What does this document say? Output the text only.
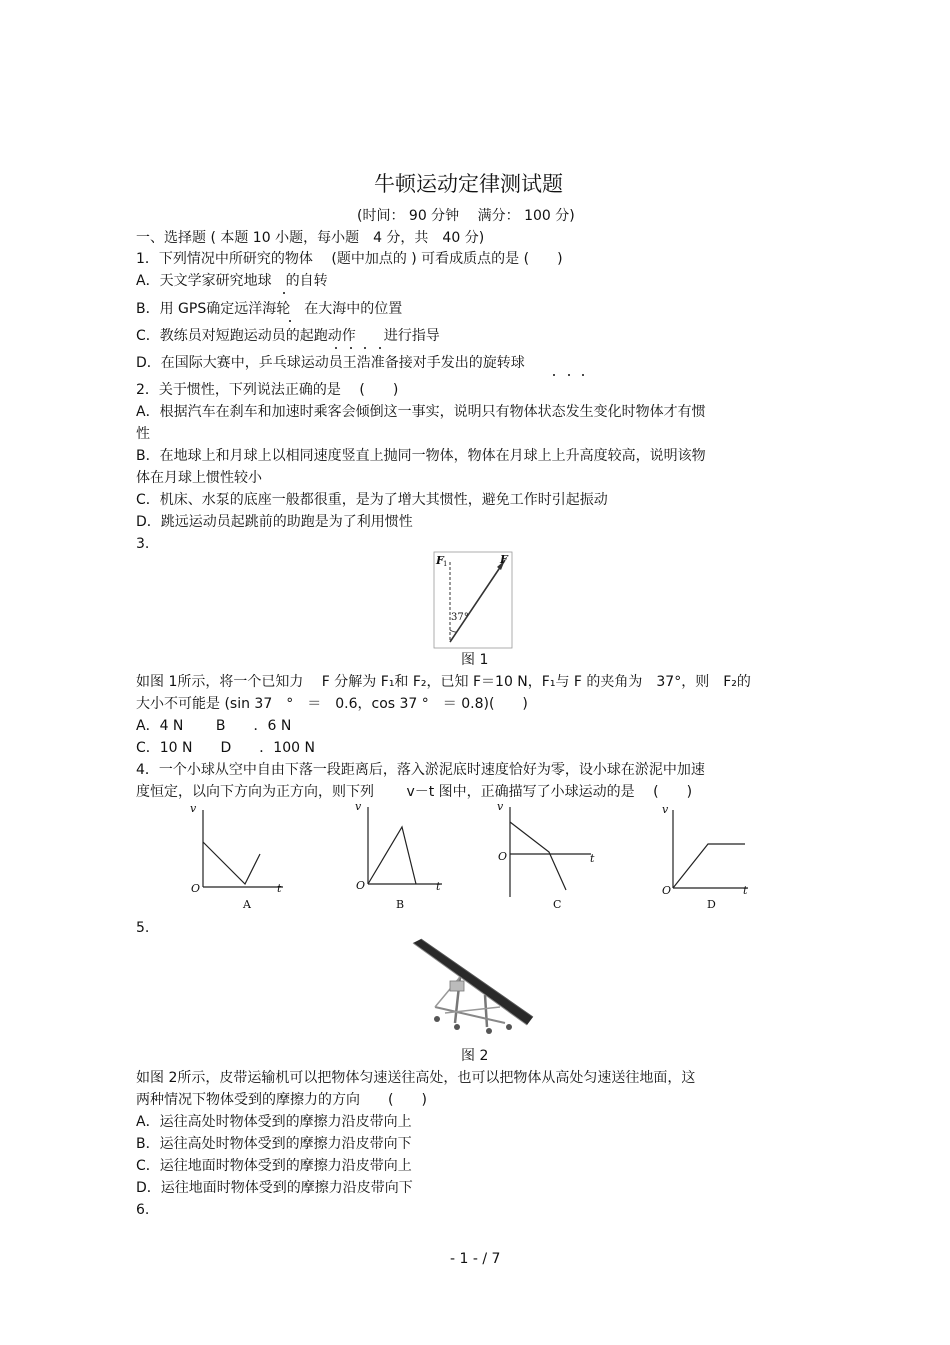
牛顿运动定律测试题
(时间： 90 分钟　 满分： 100 分)
一、选择题 ( 本题 10 小题，每小题　4 分，共　40 分)
1．下列情况中所研究的物体　 (题中加点的 ) 可看成质点的是 (　　)
A．天文学家研究地球　的自转
B．用 GPS确定远洋海轮　在大海中的位置
C．教练员对短跑运动员的起跑动作　　进行指导
D．在国际大赛中，乒乓球运动员王浩准备接对手发出的旋转球
2．关于惯性，下列说法正确的是　 (　　)
A．根据汽车在刹车和加速时乘客会倾倒这一事实，说明只有物体状态发生变化时物体才有惯
性
B．在地球上和月球上以相同速度竖直上抛同一物体，物体在月球上上升高度较高，说明该物
体在月球上惯性较小
C．机床、水泵的底座一般都很重，是为了增大其惯性，避免工作时引起振动
D．跳远运动员起跳前的助跑是为了利用惯性
3.
F 1	F
37°
图 1
如图 1所示，将一个已知力　 F 分解为 F₁和 F₂，已知 F＝10 N，F₁与 F 的夹角为　37°，则　F₂的
大小不可能是 (sin 37　°　＝　0.6，cos 37 °　＝ 0.8)(　　)
A．4 N　　 B　　．6 N
C．10 N　　D　　．100 N
4．一个小球从空中自由下落一段距离后，落入淤泥底时速度恰好为零，设小球在淤泥中加速
度恒定，以向下方向为正方向，则下列　　 v－t 图中，正确描写了小球运动的是　 (　　)
v
t
O
A
v
t
O
B
v
t
O
C
v
t
O
D
5.
图 2
如图 2所示，皮带运输机可以把物体匀速送往高处，也可以把物体从高处匀速送往地面，这
两种情况下物体受到的摩擦力的方向　　(　　)
A．运往高处时物体受到的摩擦力沿皮带向上
B．运往高处时物体受到的摩擦力沿皮带向下
C．运往地面时物体受到的摩擦力沿皮带向上
D．运往地面时物体受到的摩擦力沿皮带向下
6.
- 1 - / 7
